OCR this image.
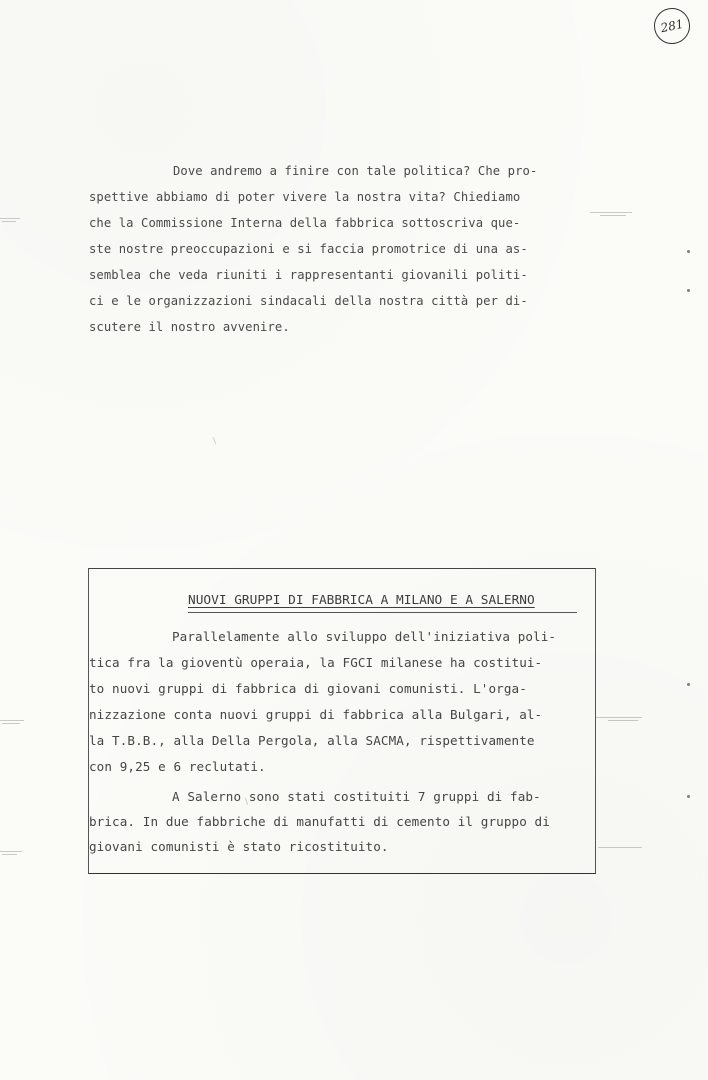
281
Dove andremo a finire con tale politica? Che pro-
spettive abbiamo di poter vivere la nostra vita? Chiediamo
che la Commissione Interna della fabbrica sottoscriva que-
ste nostre preoccupazioni e si faccia promotrice di una as-
semblea che veda riuniti i rappresentanti giovanili politi-
ci e le organizzazioni sindacali della nostra città per di-
scutere il nostro avvenire.
NUOVI GRUPPI DI FABBRICA A MILANO E A SALERNO
Parallelamente allo sviluppo dell'iniziativa poli-
tica fra la gioventù operaia, la FGCI milanese ha costitui-
to nuovi gruppi di fabbrica di giovani comunisti. L'orga-
nizzazione conta nuovi gruppi di fabbrica alla Bulgari, al-
la T.B.B., alla Della Pergola, alla SACMA, rispettivamente
con 9,25 e 6 reclutati.
A Salerno sono stati costituiti 7 gruppi di fab-
brica. In due fabbriche di manufatti di cemento il gruppo di
giovani comunisti è stato ricostituito.
